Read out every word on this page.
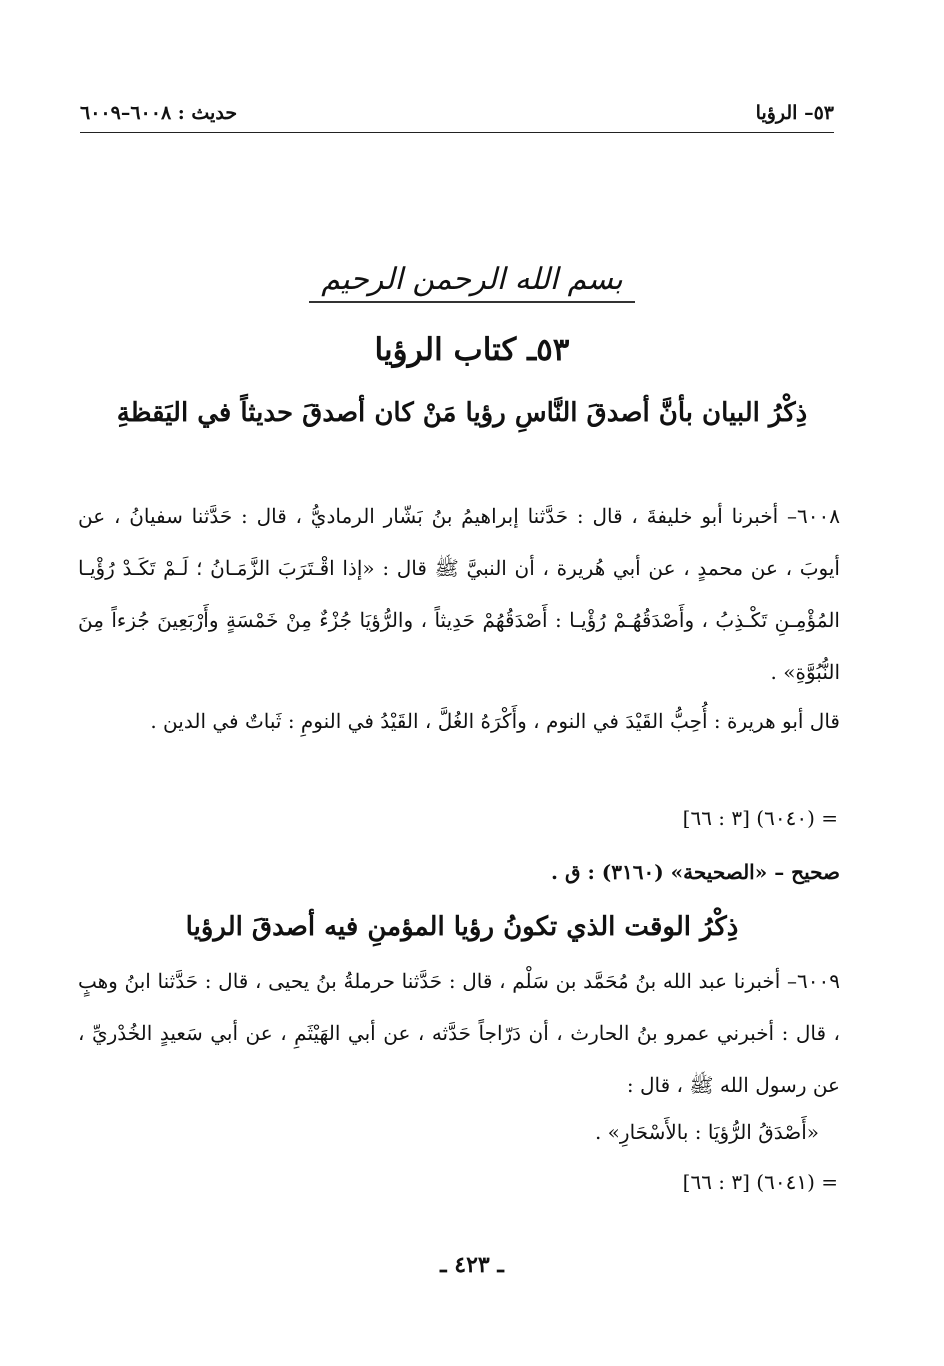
٥٣– الرؤيا
حديث : ٦٠٠٨–٦٠٠٩
بسم الله الرحمن الرحيم
٥٣ـ كتاب الرؤيا
ذِكْرُ البيان بأنَّ أصدقَ النَّاسِ رؤيا مَنْ كان أصدقَ حديثاً في اليَقظةِ
٦٠٠٨– أخبرنا أبو خليفةَ ، قال : حَدَّثنا إبراهيمُ بنُ بَشّار الرماديُّ ، قال : حَدَّثنا سفيانُ ، عن أيوبَ ، عن محمدٍ ، عن أبي هُريرة ، أن النبيَّ ﷺ قال : «إذا اقْـتَرَبَ الزَّمَـانُ ؛ لَـمْ تَكَـدْ رُؤْيـا المُؤْمِـنِ تَكْـذِبُ ، وأَصْدَقُهُـمْ رُؤْيـا : أَصْدَقُهُمْ حَدِيثاً ، والرُّؤيَا جُزْءٌ مِنْ خَمْسَةٍ وأَرْبَعِينَ جُزءاً مِنَ النُّبُوَّةِ» .
قال أبو هريرة : أُحِبُّ القَيْدَ في النوم ، وأَكْرَهُ الغُلَّ ، القَيْدُ في النومِ : ثَباتٌ في الدين .
= (٦٠٤٠) [٣ : ٦٦]
صحيح – «الصحيحة» (٣١٦٠) : ق .
ذِكْرُ الوقت الذي تكونُ رؤيا المؤمنِ فيه أصدقَ الرؤيا
٦٠٠٩– أخبرنا عبد الله بنُ مُحَمَّد بن سَلْم ، قال : حَدَّثنا حرملةُ بنُ يحيى ، قال : حَدَّثنا ابنُ وهبٍ ، قال : أخبرني عمرو بنُ الحارث ، أن دَرّاجاً حَدَّثه ، عن أبي الهَيْثَمِ ، عن أبي سَعيدٍ الخُدْريِّ ، عن رسول الله ﷺ ، قال :
«أَصْدَقُ الرُّؤيَا : بالأَسْحَارِ» .
= (٦٠٤١) [٣ : ٦٦]
ـ ٤٢٣ ـ
